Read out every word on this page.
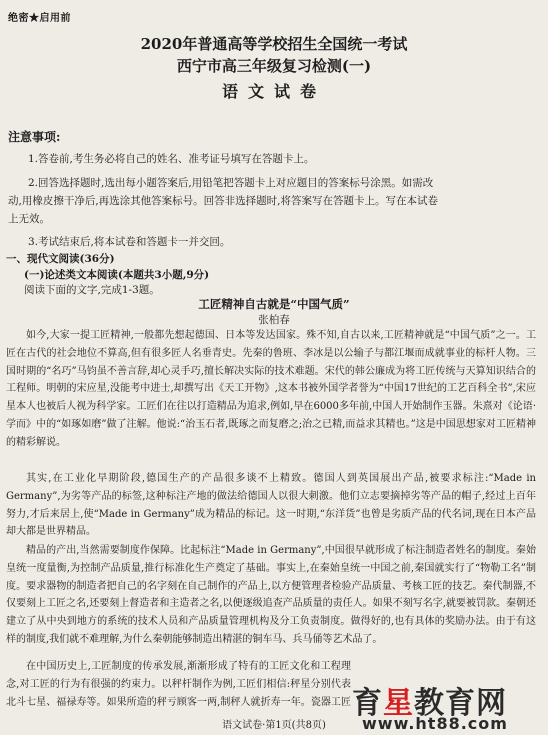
绝密★启用前
2020年普通高等学校招生全国统一考试
西宁市高三年级复习检测(一)
语文试卷
注意事项:
1.答卷前,考生务必将自己的姓名、准考证号填写在答题卡上。
2.回答选择题时,选出每小题答案后,用铅笔把答题卡上对应题目的答案标号涂黑。如需改
动,用橡皮擦干净后,再选涂其他答案标号。回答非选择题时,将答案写在答题卡上。写在本试卷
上无效。
3.考试结束后,将本试卷和答题卡一并交回。
一、现代文阅读(36分)
(一)论述类文本阅读(本题共3小题,9分)
阅读下面的文字,完成1-3题。
工匠精神自古就是“中国气质”
张柏春
如今,大家一提工匠精神,一般都先想起德国、日本等发达国家。殊不知,自古以来,工匠精神就是“中国气质”之一。工匠在古代的社会地位不算高,但有很多匠人名垂青史。先秦的鲁班、李冰是以公输子与都江堰而成就事业的标杆人物。三国时期的“名巧”马钧虽不善言辞,却心灵手巧,擅长解决实际的技术难题。宋代的韩公廉成为将工匠传统与天算知识结合的工程师。明朝的宋应星,没能考中进士,却撰写出《天工开物》,这本书被外国学者誉为“中国17世纪的工艺百科全书”,宋应星本人也被后人视为科学家。工匠们在往以打造精品为追求,例如,早在6000多年前,中国人开始制作玉器。朱熹对《论语·学而》中的“如琢如磨”做了注解。他说:“治玉石者,既琢之而复磨之;治之已精,而益求其精也。”这是中国思想家对工匠精神的精彩解说。
其实,在工业化早期阶段,德国生产的产品很多谈不上精致。德国人到英国展出产品,被要求标注:“Made in Germany”,为劣等产品的标签,这种标注产地的做法给德国人以很大刺激。他们立志要摘掉劣等产品的帽子,经过上百年努力,才后来居上,使“Made in Germany”成为精品的标记。这一时期,“东洋货”也曾是劣质产品的代名词,现在日本产品却大都是世界精品。
精品的产出,当然需要制度作保障。比起标注“Made in Germany”,中国很早就形成了标注制造者姓名的制度。秦始皇统一度量衡,为控制产品质量,推行标准化生产奠定了基础。事实上,在秦始皇统一中国之前,秦国就实行了“物勒工名”制度。要求器物的制造者把自己的名字刻在自己制作的产品上,以方便管理者检验产品质量、考核工匠的技艺。秦代制器,不仅要刻上工匠之名,还要刻上督造者和主造者之名,以便逐级追查产品质量的责任人。如果不刻写名字,就要被罚款。秦朝还建立了从中央到地方的系统的技术人员和产品质量管理机构及分工负责制度。做得好的,也有具体的奖励办法。由于有这样的制度,我们就不难理解,为什么秦朝能够制造出精湛的铜车马、兵马俑等艺术品了。
在中国历史上,工匠制度的传承发展,渐渐形成了特有的工匠文化和工程理念,对工匠的行为有很强的约束力。以秤杆制作为例,工匠们相信:秤星分别代表北斗七星、福禄寿等。如果所造的秤亏顾客一两,制秤人就折寿一年。瓷器工匠
语文试卷·第1页(共8页)
育星教育网
www.ht88.com
